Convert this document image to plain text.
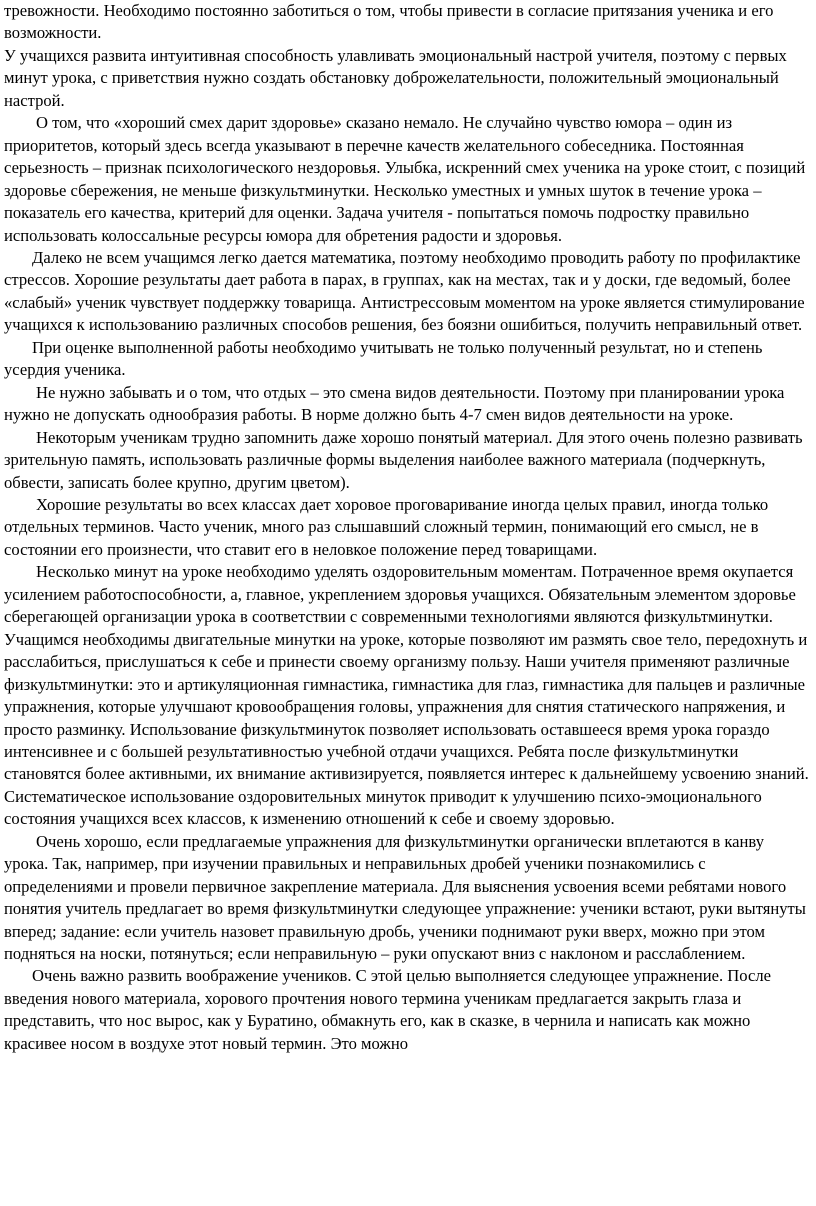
тревожности. Необходимо постоянно заботиться о том, чтобы привести в согласие притязания ученика и его возможности.

У учащихся развита интуитивная способность улавливать эмоциональный настрой учителя, поэтому с первых минут урока, с приветствия нужно создать обстановку доброжелательности, положительный эмоциональный настрой.

О том, что «хороший смех дарит здоровье» сказано немало. Не случайно чувство юмора – один из приоритетов, который здесь всегда указывают в перечне качеств желательного собеседника. Постоянная серьезность – признак психологического нездоровья. Улыбка, искренний смех ученика на уроке стоит, с позиций здоровье сбережения, не меньше физкультминутки. Несколько уместных и умных шуток в течение урока – показатель его качества, критерий для оценки. Задача учителя - попытаться помочь подростку правильно использовать колоссальные ресурсы юмора для обретения радости и здоровья.

Далеко не всем учащимся легко дается математика, поэтому необходимо проводить работу по профилактике стрессов. Хорошие результаты дает работа в парах, в группах, как на местах, так и у доски, где ведомый, более «слабый» ученик чувствует поддержку товарища. Антистрессовым моментом на уроке является стимулирование учащихся к использованию различных способов решения, без боязни ошибиться, получить неправильный ответ.

При оценке выполненной работы необходимо учитывать не только полученный результат, но и степень усердия ученика.

Не нужно забывать и о том, что отдых – это смена видов деятельности. Поэтому при планировании урока нужно не допускать однообразия работы. В норме должно быть 4-7 смен видов деятельности на уроке.

Некоторым ученикам трудно запомнить даже хорошо понятый материал. Для этого очень полезно развивать зрительную память, использовать различные формы выделения наиболее важного материала (подчеркнуть, обвести, записать более крупно, другим цветом).

Хорошие результаты во всех классах дает хоровое проговаривание иногда целых правил, иногда только отдельных терминов. Часто ученик, много раз слышавший сложный термин, понимающий его смысл, не в состоянии его произнести, что ставит его в неловкое положение перед товарищами.

Несколько минут на уроке необходимо уделять оздоровительным моментам. Потраченное время окупается усилением работоспособности, а, главное, укреплением здоровья учащихся. Обязательным элементом здоровье сберегающей организации урока в соответствии с современными технологиями являются физкультминутки. Учащимся необходимы двигательные минутки на уроке, которые позволяют им размять свое тело, передохнуть и расслабиться, прислушаться к себе и принести своему организму пользу. Наши учителя применяют различные физкультминутки: это и артикуляционная гимнастика, гимнастика для глаз, гимнастика для пальцев и различные упражнения, которые улучшают кровообращения головы, упражнения для снятия статического напряжения, и просто разминку. Использование физкультминуток позволяет использовать оставшееся время урока гораздо интенсивнее и с большей результативностью учебной отдачи учащихся. Ребята после физкультминутки становятся более активными, их внимание активизируется, появляется интерес к дальнейшему усвоению знаний. Систематическое использование оздоровительных минуток приводит к улучшению психо-эмоционального состояния учащихся всех классов, к изменению отношений к себе и своему здоровью.

Очень хорошо, если предлагаемые упражнения для физкультминутки органически вплетаются в канву урока. Так, например, при изучении правильных и неправильных дробей ученики познакомились с определениями и провели первичное закрепление материала. Для выяснения усвоения всеми ребятами нового понятия учитель предлагает во время физкультминутки следующее упражнение: ученики встают, руки вытянуты вперед; задание: если учитель назовет правильную дробь, ученики поднимают руки вверх, можно при этом подняться на носки, потянуться; если неправильную – руки опускают вниз с наклоном и расслаблением.

Очень важно развить воображение учеников. С этой целью выполняется следующее упражнение. После введения нового материала, хорового прочтения нового термина ученикам предлагается закрыть глаза и представить, что нос вырос, как у Буратино, обмакнуть его, как в сказке, в чернила и написать как можно красивее носом в воздухе этот новый термин. Это можно
